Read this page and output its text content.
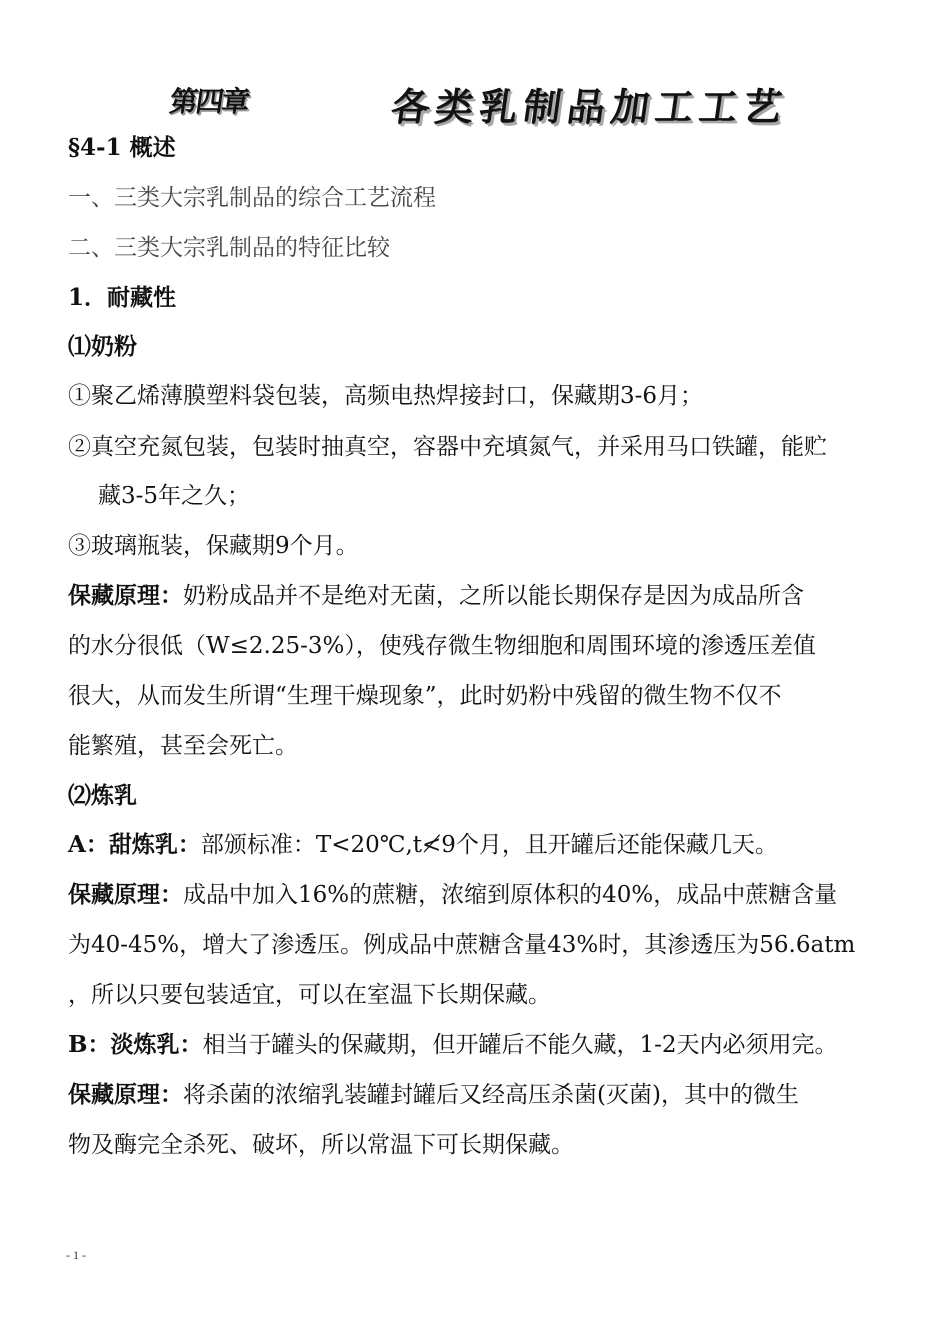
第四章	各类乳制品加工工艺
§4-1 概述
一、三类大宗乳制品的综合工艺流程
二、三类大宗乳制品的特征比较
1．耐藏性
⑴奶粉
①聚乙烯薄膜塑料袋包装，高频电热焊接封口，保藏期3-6月；
②真空充氮包装，包装时抽真空，容器中充填氮气，并采用马口铁罐，能贮
藏3-5年之久；
③玻璃瓶装，保藏期9个月。
保藏原理：奶粉成品并不是绝对无菌，之所以能长期保存是因为成品所含
的水分很低（W≤2.25-3%），使残存微生物细胞和周围环境的渗透压差值
很大，从而发生所谓“生理干燥现象”，此时奶粉中残留的微生物不仅不
能繁殖，甚至会死亡。
⑵炼乳
A：甜炼乳：部颁标准：T<20℃,t≮9个月，且开罐后还能保藏几天。
保藏原理：成品中加入16%的蔗糖，浓缩到原体积的40%，成品中蔗糖含量
为40-45%，增大了渗透压。例成品中蔗糖含量43%时，其渗透压为56.6atm
，所以只要包装适宜，可以在室温下长期保藏。
B：淡炼乳：相当于罐头的保藏期，但开罐后不能久藏，1-2天内必须用完。
保藏原理：将杀菌的浓缩乳装罐封罐后又经高压杀菌(灭菌)，其中的微生
物及酶完全杀死、破坏，所以常温下可长期保藏。
- 1 -
